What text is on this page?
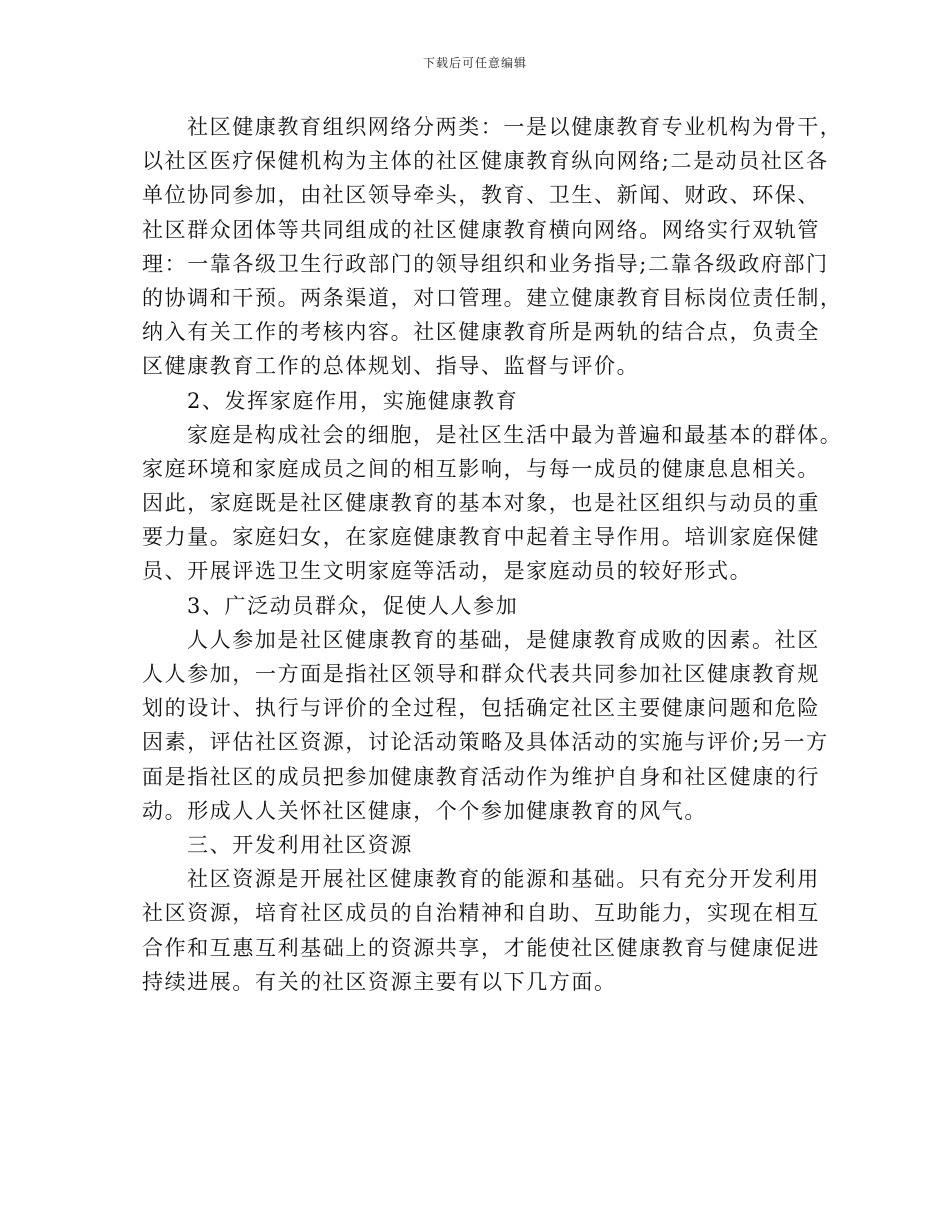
下载后可任意编辑
社区健康教育组织网络分两类：一是以健康教育专业机构为骨干，
以社区医疗保健机构为主体的社区健康教育纵向网络;二是动员社区各
单位协同参加，由社区领导牵头，教育、卫生、新闻、财政、环保、
社区群众团体等共同组成的社区健康教育横向网络。网络实行双轨管
理：一靠各级卫生行政部门的领导组织和业务指导;二靠各级政府部门
的协调和干预。两条渠道，对口管理。建立健康教育目标岗位责任制，
纳入有关工作的考核内容。社区健康教育所是两轨的结合点，负责全
区健康教育工作的总体规划、指导、监督与评价。
2、发挥家庭作用，实施健康教育
家庭是构成社会的细胞，是社区生活中最为普遍和最基本的群体。
家庭环境和家庭成员之间的相互影响，与每一成员的健康息息相关。
因此，家庭既是社区健康教育的基本对象，也是社区组织与动员的重
要力量。家庭妇女，在家庭健康教育中起着主导作用。培训家庭保健
员、开展评选卫生文明家庭等活动，是家庭动员的较好形式。
3、广泛动员群众，促使人人参加
人人参加是社区健康教育的基础，是健康教育成败的因素。社区
人人参加，一方面是指社区领导和群众代表共同参加社区健康教育规
划的设计、执行与评价的全过程，包括确定社区主要健康问题和危险
因素，评估社区资源，讨论活动策略及具体活动的实施与评价;另一方
面是指社区的成员把参加健康教育活动作为维护自身和社区健康的行
动。形成人人关怀社区健康，个个参加健康教育的风气。
三、开发利用社区资源
社区资源是开展社区健康教育的能源和基础。只有充分开发利用
社区资源，培育社区成员的自治精神和自助、互助能力，实现在相互
合作和互惠互利基础上的资源共享，才能使社区健康教育与健康促进
持续进展。有关的社区资源主要有以下几方面。
